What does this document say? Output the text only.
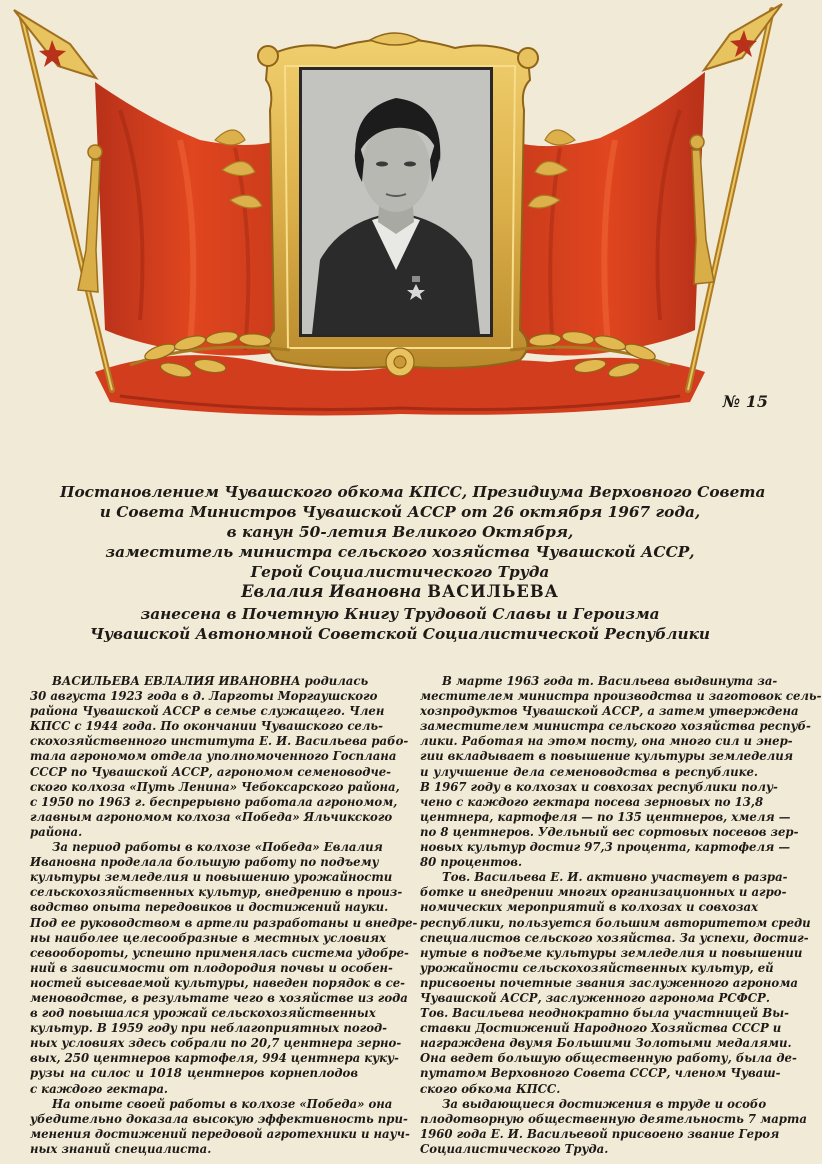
№ 15

Постановлением Чувашского обкома КПСС, Президиума Верховного Совета

и Совета Министров Чувашской АССР от 26 октября 1967 года,

в канун 50-летия Великого Октября,

заместитель министра сельского хозяйства Чувашской АССР,

Герой Социалистического Труда

Евлалия Ивановна ВАСИЛЬЕВА

занесена в Почетную Книгу Трудовой Славы и Героизма

Чувашской Автономной Советской Социалистической Республики

ВАСИЛЬЕВА ЕВЛАЛИЯ ИВАНОВНА родилась
30 августа 1923 года в д. Ларготы Моргаушского
района Чувашской АССР в семье служащего. Член
КПСС с 1944 года. По окончании Чувашского сель-
скохозяйственного института Е. И. Васильева рабо-
тала агрономом отдела уполномоченного Госплана
СССР по Чувашской АССР, агрономом семеноводче-
ского колхоза «Путь Ленина» Чебоксарского района,
с 1950 по 1963 г. беспрерывно работала агрономом,
главным агрономом колхоза «Победа» Яльчикского
района.
За период работы в колхозе «Победа» Евлалия
Ивановна проделала большую работу по подъему
культуры земледелия и повышению урожайности
сельскохозяйственных культур, внедрению в произ-
водство опыта передовиков и достижений науки.
Под ее руководством в артели разработаны и внедре-
ны наиболее целесообразные в местных условиях
севообороты, успешно применялась система удобре-
ний в зависимости от плодородия почвы и особен-
ностей высеваемой культуры, наведен порядок в се-
меноводстве, в результате чего в хозяйстве из года
в год повышался урожай сельскохозяйственных
культур. В 1959 году при неблагоприятных погод-
ных условиях здесь собрали по 20,7 центнера зерно-
вых, 250 центнеров картофеля, 994 центнера куку-
рузы на силос и 1018 центнеров корнеплодов
с каждого гектара.
На опыте своей работы в колхозе «Победа» она
убедительно доказала высокую эффективность при-
менения достижений передовой агротехники и науч-
ных знаний специалиста.
В марте 1963 года т. Васильева выдвинута за-
местителем министра производства и заготовок сель-
хозпродуктов Чувашской АССР, а затем утверждена
заместителем министра сельского хозяйства респуб-
лики. Работая на этом посту, она много сил и энер-
гии вкладывает в повышение культуры земледелия
и улучшение дела семеноводства в республике.
В 1967 году в колхозах и совхозах республики полу-
чено с каждого гектара посева зерновых по 13,8
центнера, картофеля — по 135 центнеров, хмеля —
по 8 центнеров. Удельный вес сортовых посевов зер-
новых культур достиг 97,3 процента, картофеля —
80 процентов.
Тов. Васильева Е. И. активно участвует в разра-
ботке и внедрении многих организационных и агро-
номических мероприятий в колхозах и совхозах
республики, пользуется большим авторитетом среди
специалистов сельского хозяйства. За успехи, достиг-
нутые в подъеме культуры земледелия и повышении
урожайности сельскохозяйственных культур, ей
присвоены почетные звания заслуженного агронома
Чувашской АССР, заслуженного агронома РСФСР.
Тов. Васильева неоднократно была участницей Вы-
ставки Достижений Народного Хозяйства СССР и
награждена двумя Большими Золотыми медалями.
Она ведет большую общественную работу, была де-
путатом Верховного Совета СССР, членом Чуваш-
ского обкома КПСС.
За выдающиеся достижения в труде и особо
плодотворную общественную деятельность 7 марта
1960 года Е. И. Васильевой присвоено звание Героя
Социалистического Труда.
